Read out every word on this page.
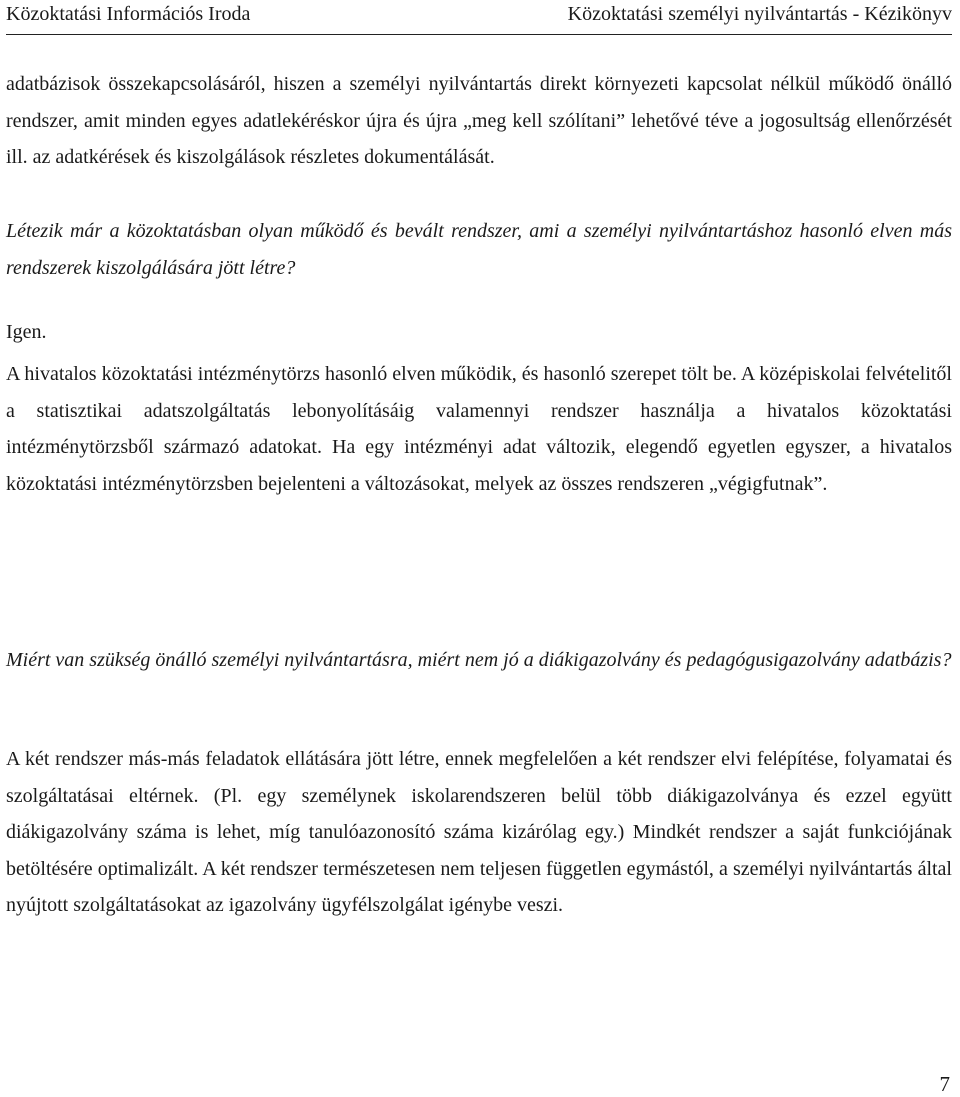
Közoktatási Információs Iroda	Közoktatási személyi nyilvántartás - Kézikönyv

adatbázisok összekapcsolásáról, hiszen a személyi nyilvántartás direkt környezeti kapcsolat nélkül működő önálló rendszer, amit minden egyes adatlekéréskor újra és újra „meg kell szólítani” lehetővé téve a jogosultság ellenőrzését ill. az adatkérések és kiszolgálások részletes dokumentálását.

Létezik már a közoktatásban olyan működő és bevált rendszer, ami a személyi nyilvántartáshoz hasonló elven más rendszerek kiszolgálására jött létre?

Igen.

A hivatalos közoktatási intézménytörzs hasonló elven működik, és hasonló szerepet tölt be. A középiskolai felvételitől a statisztikai adatszolgáltatás lebonyolításáig valamennyi rendszer használja a hivatalos közoktatási intézménytörzsből származó adatokat. Ha egy intézményi adat változik, elegendő egyetlen egyszer, a hivatalos közoktatási intézménytörzsben bejelenteni a változásokat, melyek az összes rendszeren „végigfutnak”.

Miért van szükség önálló személyi nyilvántartásra, miért nem jó a diákigazolvány és pedagógusigazolvány adatbázis?

A két rendszer más-más feladatok ellátására jött létre, ennek megfelelően a két rendszer elvi felépítése, folyamatai és szolgáltatásai eltérnek. (Pl. egy személynek iskolarendszeren belül több diákigazolványa és ezzel együtt diákigazolvány száma is lehet, míg tanulóazonosító száma kizárólag egy.) Mindkét rendszer a saját funkciójának betöltésére optimalizált. A két rendszer természetesen nem teljesen független egymástól, a személyi nyilvántartás által nyújtott szolgáltatásokat az igazolvány ügyfélszolgálat igénybe veszi.

7
